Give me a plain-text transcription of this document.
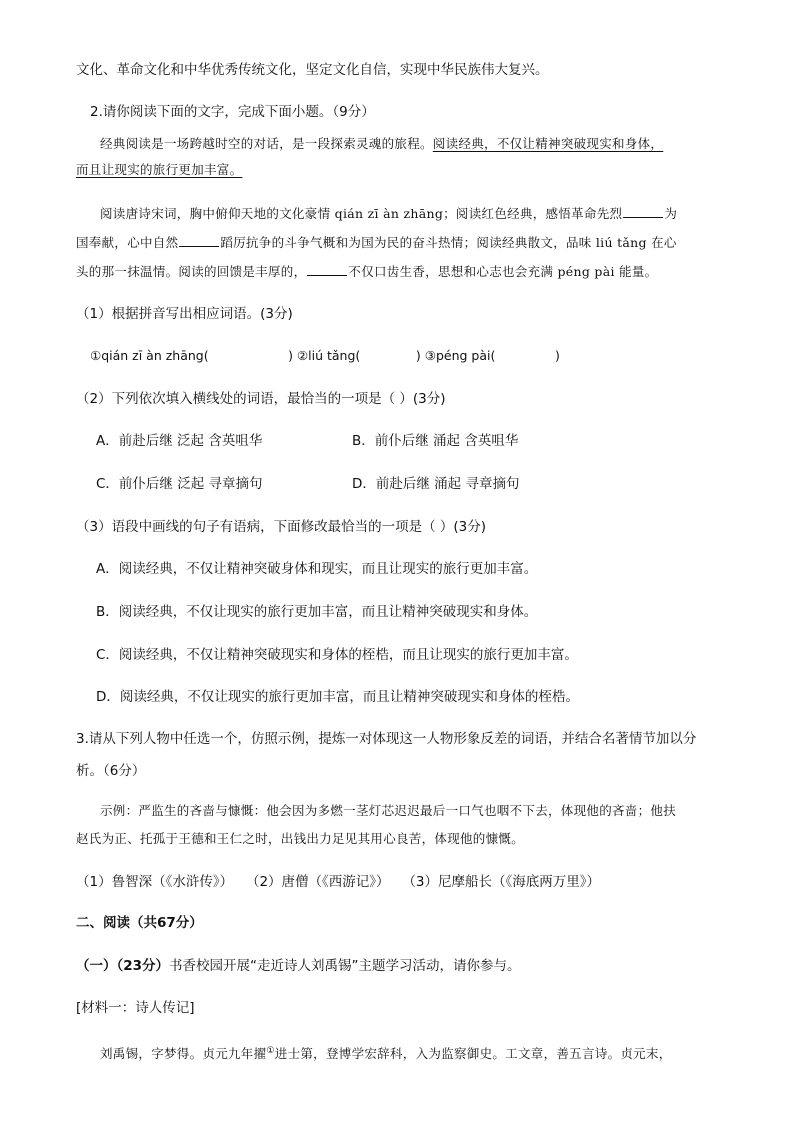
文化、革命文化和中华优秀传统文化，坚定文化自信，实现中华民族伟大复兴。
2.请你阅读下面的文字，完成下面小题。（9分）
经典阅读是一场跨越时空的对话，是一段探索灵魂的旅程。阅读经典，不仅让精神突破现实和身体，
而且让现实的旅行更加丰富。
阅读唐诗宋词，胸中俯仰天地的文化豪情 qián zī àn zhāng；阅读红色经典，感悟革命先烈	为
国奉献，心中自然	蹈厉抗争的斗争气概和为国为民的奋斗热情；阅读经典散文，品味 liú tǎng 在心
头的那一抹温情。阅读的回馈是丰厚的，	不仅口齿生香，思想和心志也会充满 péng pài 能量。
（1）根据拼音写出相应词语。(3分)
①qián zī àn zhāng(                    ) ②liú tǎng(              ) ③péng pài(               )
（2）下列依次填入横线处的词语，最恰当的一项是（ ）(3分)
A．前赴后继 泛起 含英咀华	B．前仆后继 涌起 含英咀华
C．前仆后继 泛起 寻章摘句	D．前赴后继 涌起 寻章摘句
（3）语段中画线的句子有语病，下面修改最恰当的一项是（ ）(3分)
A．阅读经典，不仅让精神突破身体和现实，而且让现实的旅行更加丰富。
B．阅读经典，不仅让现实的旅行更加丰富，而且让精神突破现实和身体。
C．阅读经典，不仅让精神突破现实和身体的桎梏，而且让现实的旅行更加丰富。
D．阅读经典，不仅让现实的旅行更加丰富，而且让精神突破现实和身体的桎梏。
3.请从下列人物中任选一个，仿照示例，提炼一对体现这一人物形象反差的词语，并结合名著情节加以分
析。（6分）
示例：严监生的吝啬与慷慨：他会因为多燃一茎灯芯迟迟最后一口气也咽不下去，体现他的吝啬；他扶
赵氏为正、托孤于王德和王仁之时，出钱出力足见其用心良苦，体现他的慷慨。
（1）鲁智深（《水浒传》）   （2）唐僧（《西游记》）   （3）尼摩船长（《海底两万里》）
二、阅读（共67分）
（一）（23分）书香校园开展“走近诗人刘禹锡”主题学习活动，请你参与。
[材料一：诗人传记]
刘禹锡，字梦得。贞元九年擢①进士第，登博学宏辞科，入为监察御史。工文章，善五言诗。贞元末，
